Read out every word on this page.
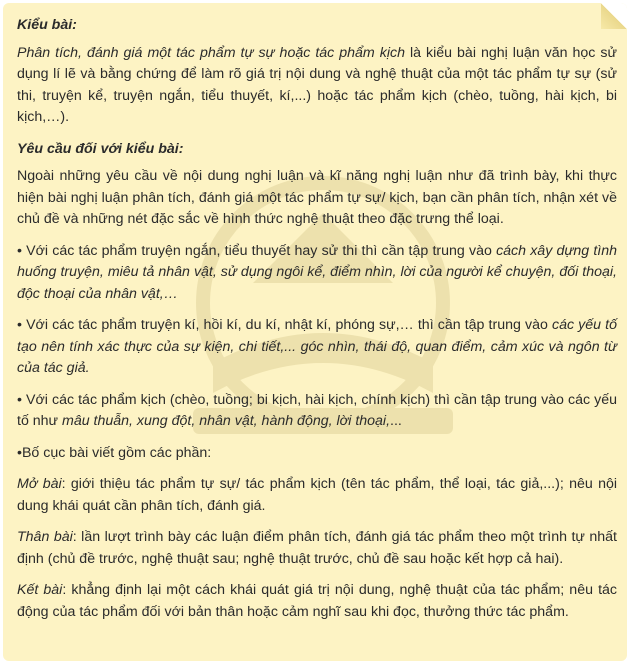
Kiểu bài:

Phân tích, đánh giá một tác phẩm tự sự hoặc tác phẩm kịch là kiểu bài nghị luận văn học sử dụng lí lẽ và bằng chứng để làm rõ giá trị nội dung và nghệ thuật của một tác phẩm tự sự (sử thi, truyện kể, truyện ngắn, tiểu thuyết, kí,...) hoặc tác phẩm kịch (chèo, tuồng, hài kịch, bi kịch,…).

Yêu cầu đối với kiểu bài:

Ngoài những yêu cầu về nội dung nghị luận và kĩ năng nghị luận như đã trình bày, khi thực hiện bài nghị luận phân tích, đánh giá một tác phẩm tự sự/ kịch, bạn cần phân tích, nhận xét về chủ đề và những nét đặc sắc về hình thức nghệ thuật theo đặc trưng thể loại.

• Với các tác phẩm truyện ngắn, tiểu thuyết hay sử thi thì cần tập trung vào cách xây dựng tình huống truyện, miêu tả nhân vật, sử dụng ngôi kể, điểm nhìn, lời của người kể chuyện, đối thoại, độc thoại của nhân vật,…

• Với các tác phẩm truyện kí, hồi kí, du kí, nhật kí, phóng sự,… thì cần tập trung vào các yếu tố tạo nên tính xác thực của sự kiện, chi tiết,... góc nhìn, thái độ, quan điểm, cảm xúc và ngôn từ của tác giả.

• Với các tác phẩm kịch (chèo, tuồng; bi kịch, hài kịch, chính kịch) thì cần tập trung vào các yếu tố như mâu thuẫn, xung đột, nhân vật, hành động, lời thoại,...

•Bố cục bài viết gồm các phần:

Mở bài: giới thiệu tác phẩm tự sự/ tác phẩm kịch (tên tác phẩm, thể loại, tác giả,...); nêu nội dung khái quát cần phân tích, đánh giá.

Thân bài: lần lượt trình bày các luận điểm phân tích, đánh giá tác phẩm theo một trình tự nhất định (chủ đề trước, nghệ thuật sau; nghệ thuật trước, chủ đề sau hoặc kết hợp cả hai).

Kết bài: khẳng định lại một cách khái quát giá trị nội dung, nghệ thuật của tác phẩm; nêu tác động của tác phẩm đối với bản thân hoặc cảm nghĩ sau khi đọc, thưởng thức tác phẩm.
